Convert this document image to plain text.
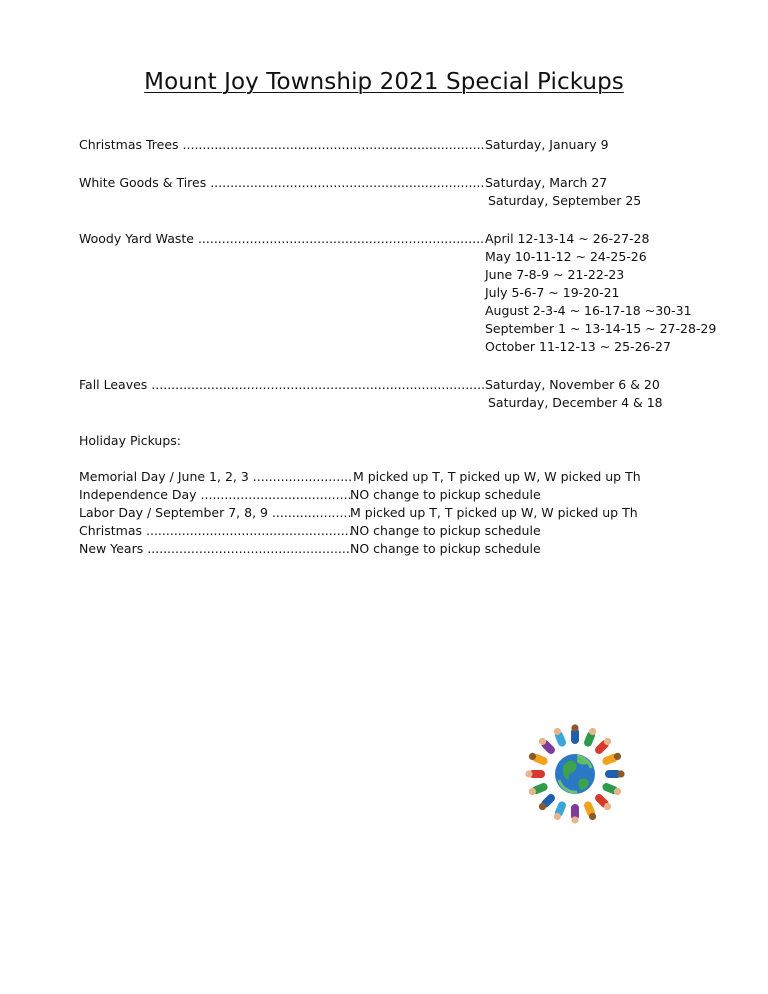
Mount Joy Township 2021 Special Pickups
Christmas Trees .....	Saturday, January 9
White Goods & Tires .....	Saturday, March 27
Saturday, September 25
Woody Yard Waste .....	April 12-13-14 ~ 26-27-28
May 10-11-12 ~ 24-25-26
June 7-8-9 ~ 21-22-23
July 5-6-7 ~ 19-20-21
August 2-3-4 ~ 16-17-18 ~30-31
September 1 ~ 13-14-15 ~ 27-28-29
October 11-12-13 ~ 25-26-27
Fall Leaves .....	Saturday, November 6 & 20
Saturday, December 4 & 18
Holiday Pickups:
Memorial Day / June 1, 2, 3 .....	M picked up T, T picked up W, W picked up Th
Independence Day .....	NO change to pickup schedule
Labor Day / September 7, 8, 9 .....	M picked up T, T picked up W, W picked up Th
Christmas .....	NO change to pickup schedule
New Years .....	NO change to pickup schedule
